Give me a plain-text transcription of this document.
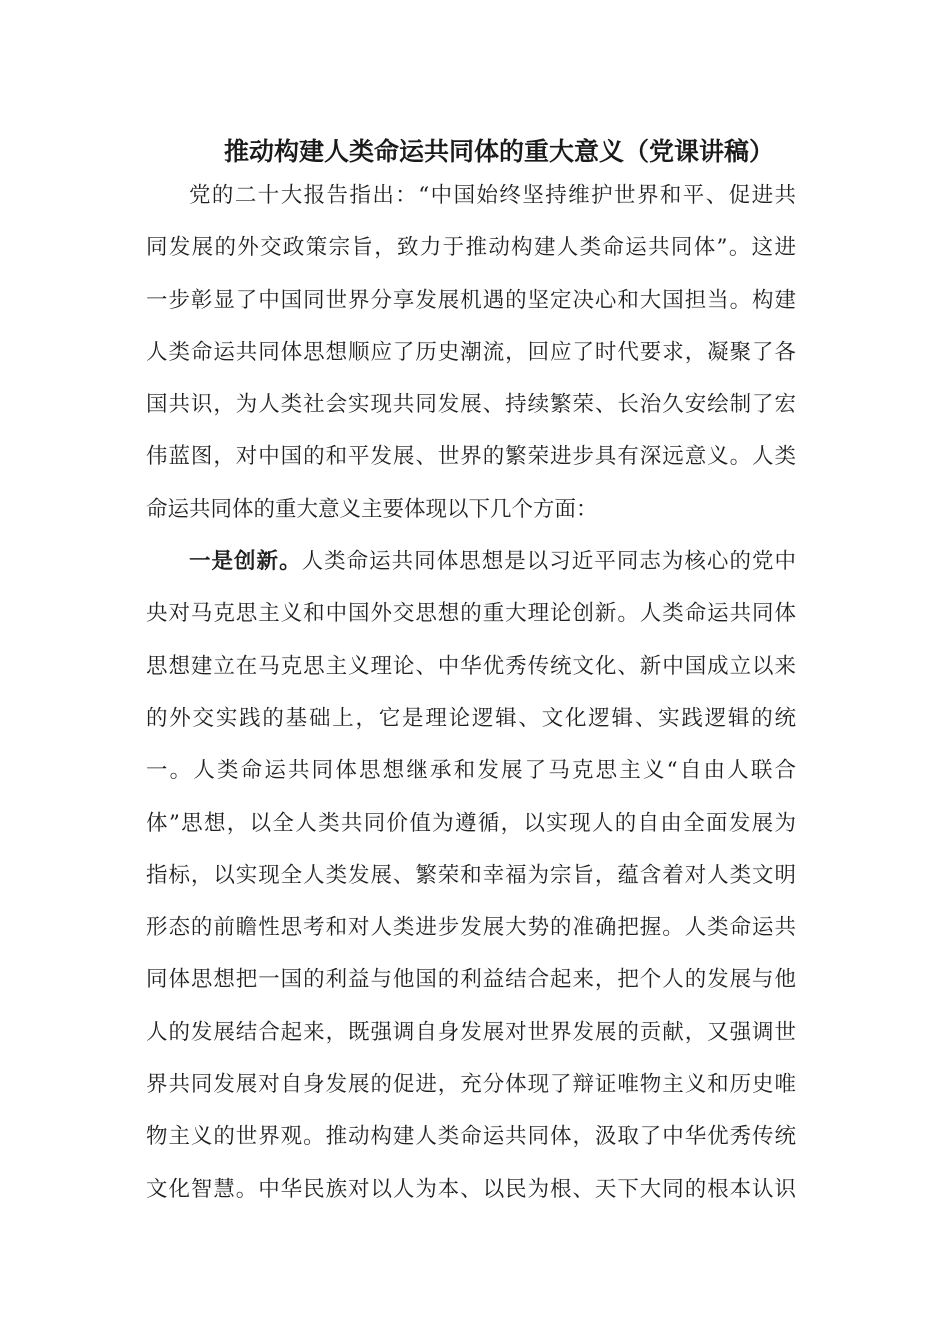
推动构建人类命运共同体的重大意义（党课讲稿）
党的二十大报告指出：“中国始终坚持维护世界和平、促进共
同发展的外交政策宗旨，致力于推动构建人类命运共同体”。这进
一步彰显了中国同世界分享发展机遇的坚定决心和大国担当。构建
人类命运共同体思想顺应了历史潮流，回应了时代要求，凝聚了各
国共识，为人类社会实现共同发展、持续繁荣、长治久安绘制了宏
伟蓝图，对中国的和平发展、世界的繁荣进步具有深远意义。人类
命运共同体的重大意义主要体现以下几个方面：
一是创新。人类命运共同体思想是以习近平同志为核心的党中
央对马克思主义和中国外交思想的重大理论创新。人类命运共同体
思想建立在马克思主义理论、中华优秀传统文化、新中国成立以来
的外交实践的基础上，它是理论逻辑、文化逻辑、实践逻辑的统
一。人类命运共同体思想继承和发展了马克思主义“自由人联合
体”思想，以全人类共同价值为遵循，以实现人的自由全面发展为
指标，以实现全人类发展、繁荣和幸福为宗旨，蕴含着对人类文明
形态的前瞻性思考和对人类进步发展大势的准确把握。人类命运共
同体思想把一国的利益与他国的利益结合起来，把个人的发展与他
人的发展结合起来，既强调自身发展对世界发展的贡献，又强调世
界共同发展对自身发展的促进，充分体现了辩证唯物主义和历史唯
物主义的世界观。推动构建人类命运共同体，汲取了中华优秀传统
文化智慧。中华民族对以人为本、以民为根、天下大同的根本认识
